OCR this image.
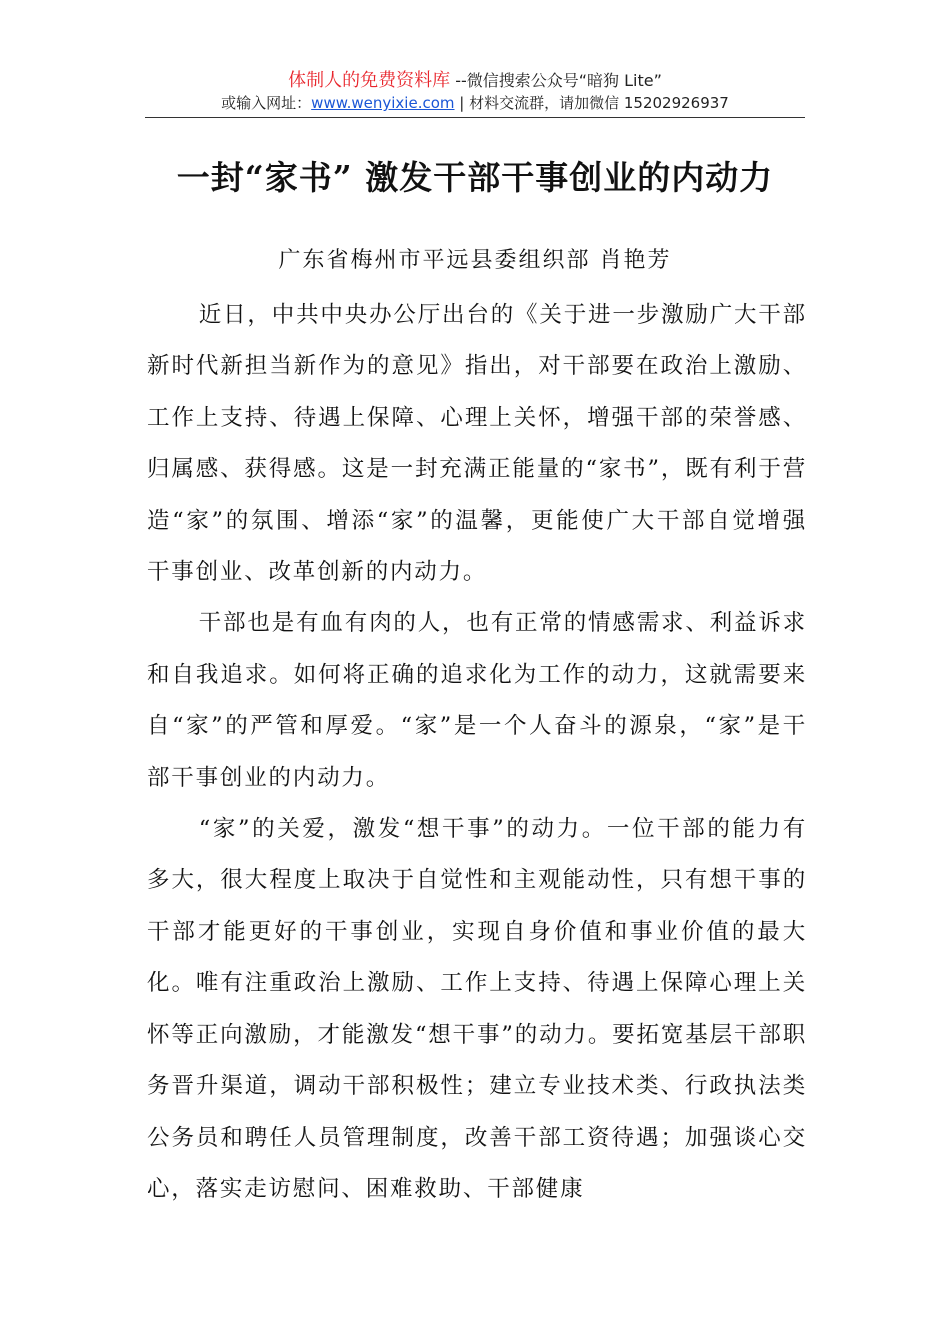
体制人的免费资料库 --微信搜索公众号“暗狗 Lite”
或输入网址：www.wenyixie.com | 材料交流群，请加微信 15202926937
一封“家书” 激发干部干事创业的内动力
广东省梅州市平远县委组织部 肖艳芳

近日，中共中央办公厅出台的《关于进一步激励广大干部新时代新担当新作为的意见》指出，对干部要在政治上激励、工作上支持、待遇上保障、心理上关怀，增强干部的荣誉感、归属感、获得感。这是一封充满正能量的“家书”，既有利于营造“家”的氛围、增添“家”的温馨，更能使广大干部自觉增强干事创业、改革创新的内动力。

干部也是有血有肉的人，也有正常的情感需求、利益诉求和自我追求。如何将正确的追求化为工作的动力，这就需要来自“家”的严管和厚爱。“家”是一个人奋斗的源泉，“家”是干部干事创业的内动力。

“家”的关爱，激发“想干事”的动力。一位干部的能力有多大，很大程度上取决于自觉性和主观能动性，只有想干事的干部才能更好的干事创业，实现自身价值和事业价值的最大化。唯有注重政治上激励、工作上支持、待遇上保障心理上关怀等正向激励，才能激发“想干事”的动力。要拓宽基层干部职务晋升渠道，调动干部积极性；建立专业技术类、行政执法类公务员和聘任人员管理制度，改善干部工资待遇；加强谈心交心，落实走访慰问、困难救助、干部健康
